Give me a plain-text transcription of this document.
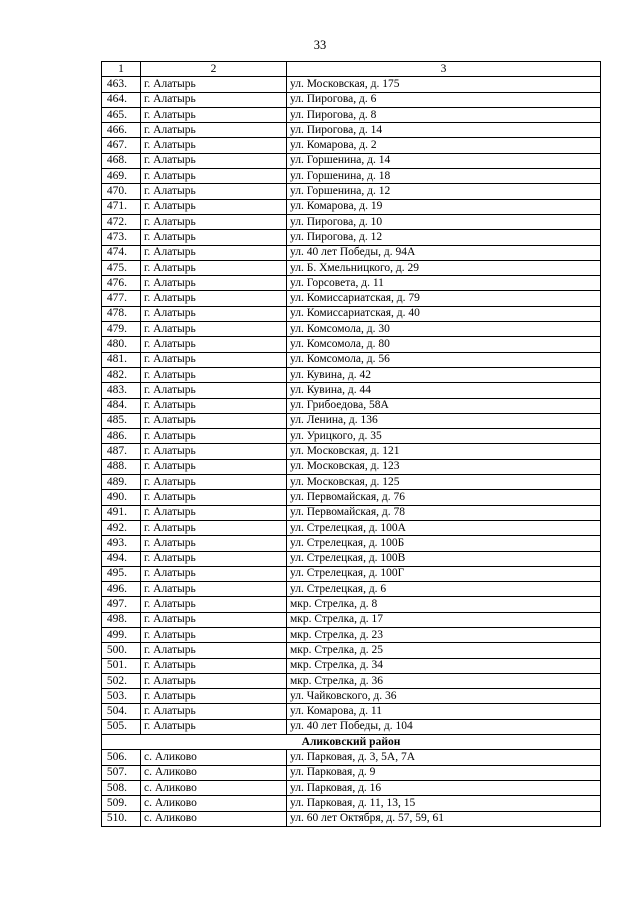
33
1	2	3
463.	г. Алатырь	ул. Московская, д. 175
464.	г. Алатырь	ул. Пирогова, д. 6
465.	г. Алатырь	ул. Пирогова, д. 8
466.	г. Алатырь	ул. Пирогова, д. 14
467.	г. Алатырь	ул. Комарова, д. 2
468.	г. Алатырь	ул. Горшенина, д. 14
469.	г. Алатырь	ул. Горшенина, д. 18
470.	г. Алатырь	ул. Горшенина, д. 12
471.	г. Алатырь	ул. Комарова, д. 19
472.	г. Алатырь	ул. Пирогова, д. 10
473.	г. Алатырь	ул. Пирогова, д. 12
474.	г. Алатырь	ул. 40 лет Победы, д. 94А
475.	г. Алатырь	ул. Б. Хмельницкого, д. 29
476.	г. Алатырь	ул. Горсовета, д. 11
477.	г. Алатырь	ул. Комиссариатская, д. 79
478.	г. Алатырь	ул. Комиссариатская, д. 40
479.	г. Алатырь	ул. Комсомола, д. 30
480.	г. Алатырь	ул. Комсомола, д. 80
481.	г. Алатырь	ул. Комсомола, д. 56
482.	г. Алатырь	ул. Кувина, д. 42
483.	г. Алатырь	ул. Кувина, д. 44
484.	г. Алатырь	ул. Грибоедова, 58А
485.	г. Алатырь	ул. Ленина, д. 136
486.	г. Алатырь	ул. Урицкого, д. 35
487.	г. Алатырь	ул. Московская, д. 121
488.	г. Алатырь	ул. Московская, д. 123
489.	г. Алатырь	ул. Московская, д. 125
490.	г. Алатырь	ул. Первомайская, д. 76
491.	г. Алатырь	ул. Первомайская, д. 78
492.	г. Алатырь	ул. Стрелецкая, д. 100А
493.	г. Алатырь	ул. Стрелецкая, д. 100Б
494.	г. Алатырь	ул. Стрелецкая, д. 100В
495.	г. Алатырь	ул. Стрелецкая, д. 100Г
496.	г. Алатырь	ул. Стрелецкая, д. 6
497.	г. Алатырь	мкр. Стрелка, д. 8
498.	г. Алатырь	мкр. Стрелка, д. 17
499.	г. Алатырь	мкр. Стрелка, д. 23
500.	г. Алатырь	мкр. Стрелка, д. 25
501.	г. Алатырь	мкр. Стрелка, д. 34
502.	г. Алатырь	мкр. Стрелка, д. 36
503.	г. Алатырь	ул. Чайковского, д. 36
504.	г. Алатырь	ул. Комарова, д. 11
505.	г. Алатырь	ул. 40 лет Победы, д. 104
Аликовский район		
506.	с. Аликово	ул. Парковая, д. 3, 5А, 7А
507.	с. Аликово	ул. Парковая, д. 9
508.	с. Аликово	ул. Парковая, д. 16
509.	с. Аликово	ул. Парковая, д. 11, 13, 15
510.	с. Аликово	ул. 60 лет Октября, д. 57, 59, 61
